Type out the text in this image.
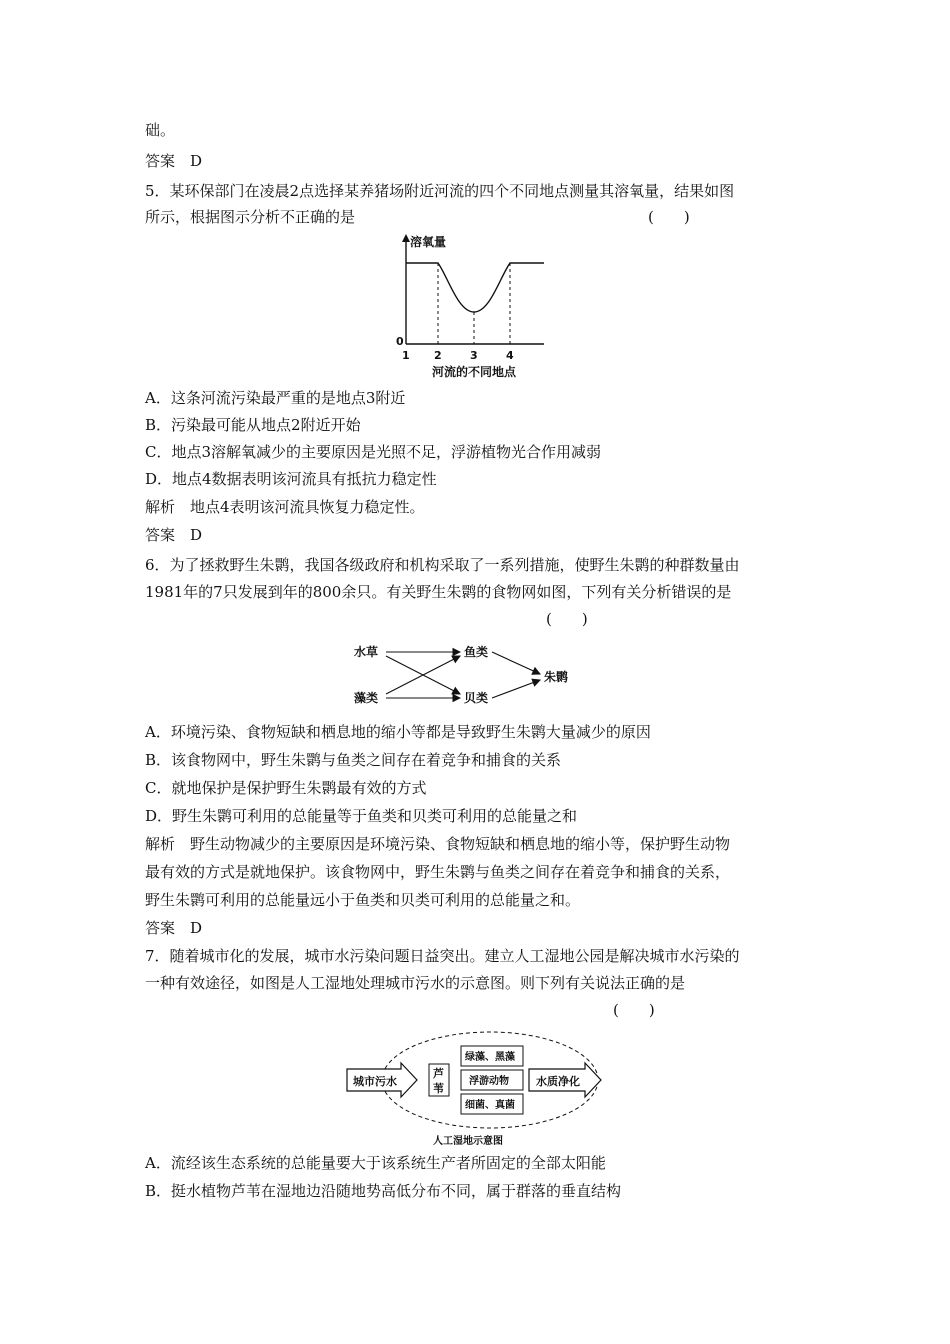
础。
答案　D
5．某环保部门在凌晨2点选择某养猪场附近河流的四个不同地点测量其溶氧量，结果如图
所示，根据图示分析不正确的是	(　　)
溶氧量
0
1 2	3	4
河流的不同地点
A．这条河流污染最严重的是地点3附近
B．污染最可能从地点2附近开始
C．地点3溶解氧减少的主要原因是光照不足，浮游植物光合作用减弱
D．地点4数据表明该河流具有抵抗力稳定性
解析　地点4表明该河流具恢复力稳定性。
答案　D
6．为了拯救野生朱鹮，我国各级政府和机构采取了一系列措施，使野生朱鹮的种群数量由
1981年的7只发展到年的800余只。有关野生朱鹮的食物网如图，下列有关分析错误的是
(　　)
水草
藻类
鱼类
贝类
朱鹮
A．环境污染、食物短缺和栖息地的缩小等都是导致野生朱鹮大量减少的原因
B．该食物网中，野生朱鹮与鱼类之间存在着竞争和捕食的关系
C．就地保护是保护野生朱鹮最有效的方式
D．野生朱鹮可利用的总能量等于鱼类和贝类可利用的总能量之和
解析　野生动物减少的主要原因是环境污染、食物短缺和栖息地的缩小等，保护野生动物
最有效的方式是就地保护。该食物网中，野生朱鹮与鱼类之间存在着竞争和捕食的关系，
野生朱鹮可利用的总能量远小于鱼类和贝类可利用的总能量之和。
答案　D
7．随着城市化的发展，城市水污染问题日益突出。建立人工湿地公园是解决城市水污染的
一种有效途径，如图是人工湿地处理城市污水的示意图。则下列有关说法正确的是
(　　)
城市污水
芦
苇
绿藻、黑藻
浮游动物
细菌、真菌
水质净化
人工湿地示意图
A．流经该生态系统的总能量要大于该系统生产者所固定的全部太阳能
B．挺水植物芦苇在湿地边沿随地势高低分布不同，属于群落的垂直结构
